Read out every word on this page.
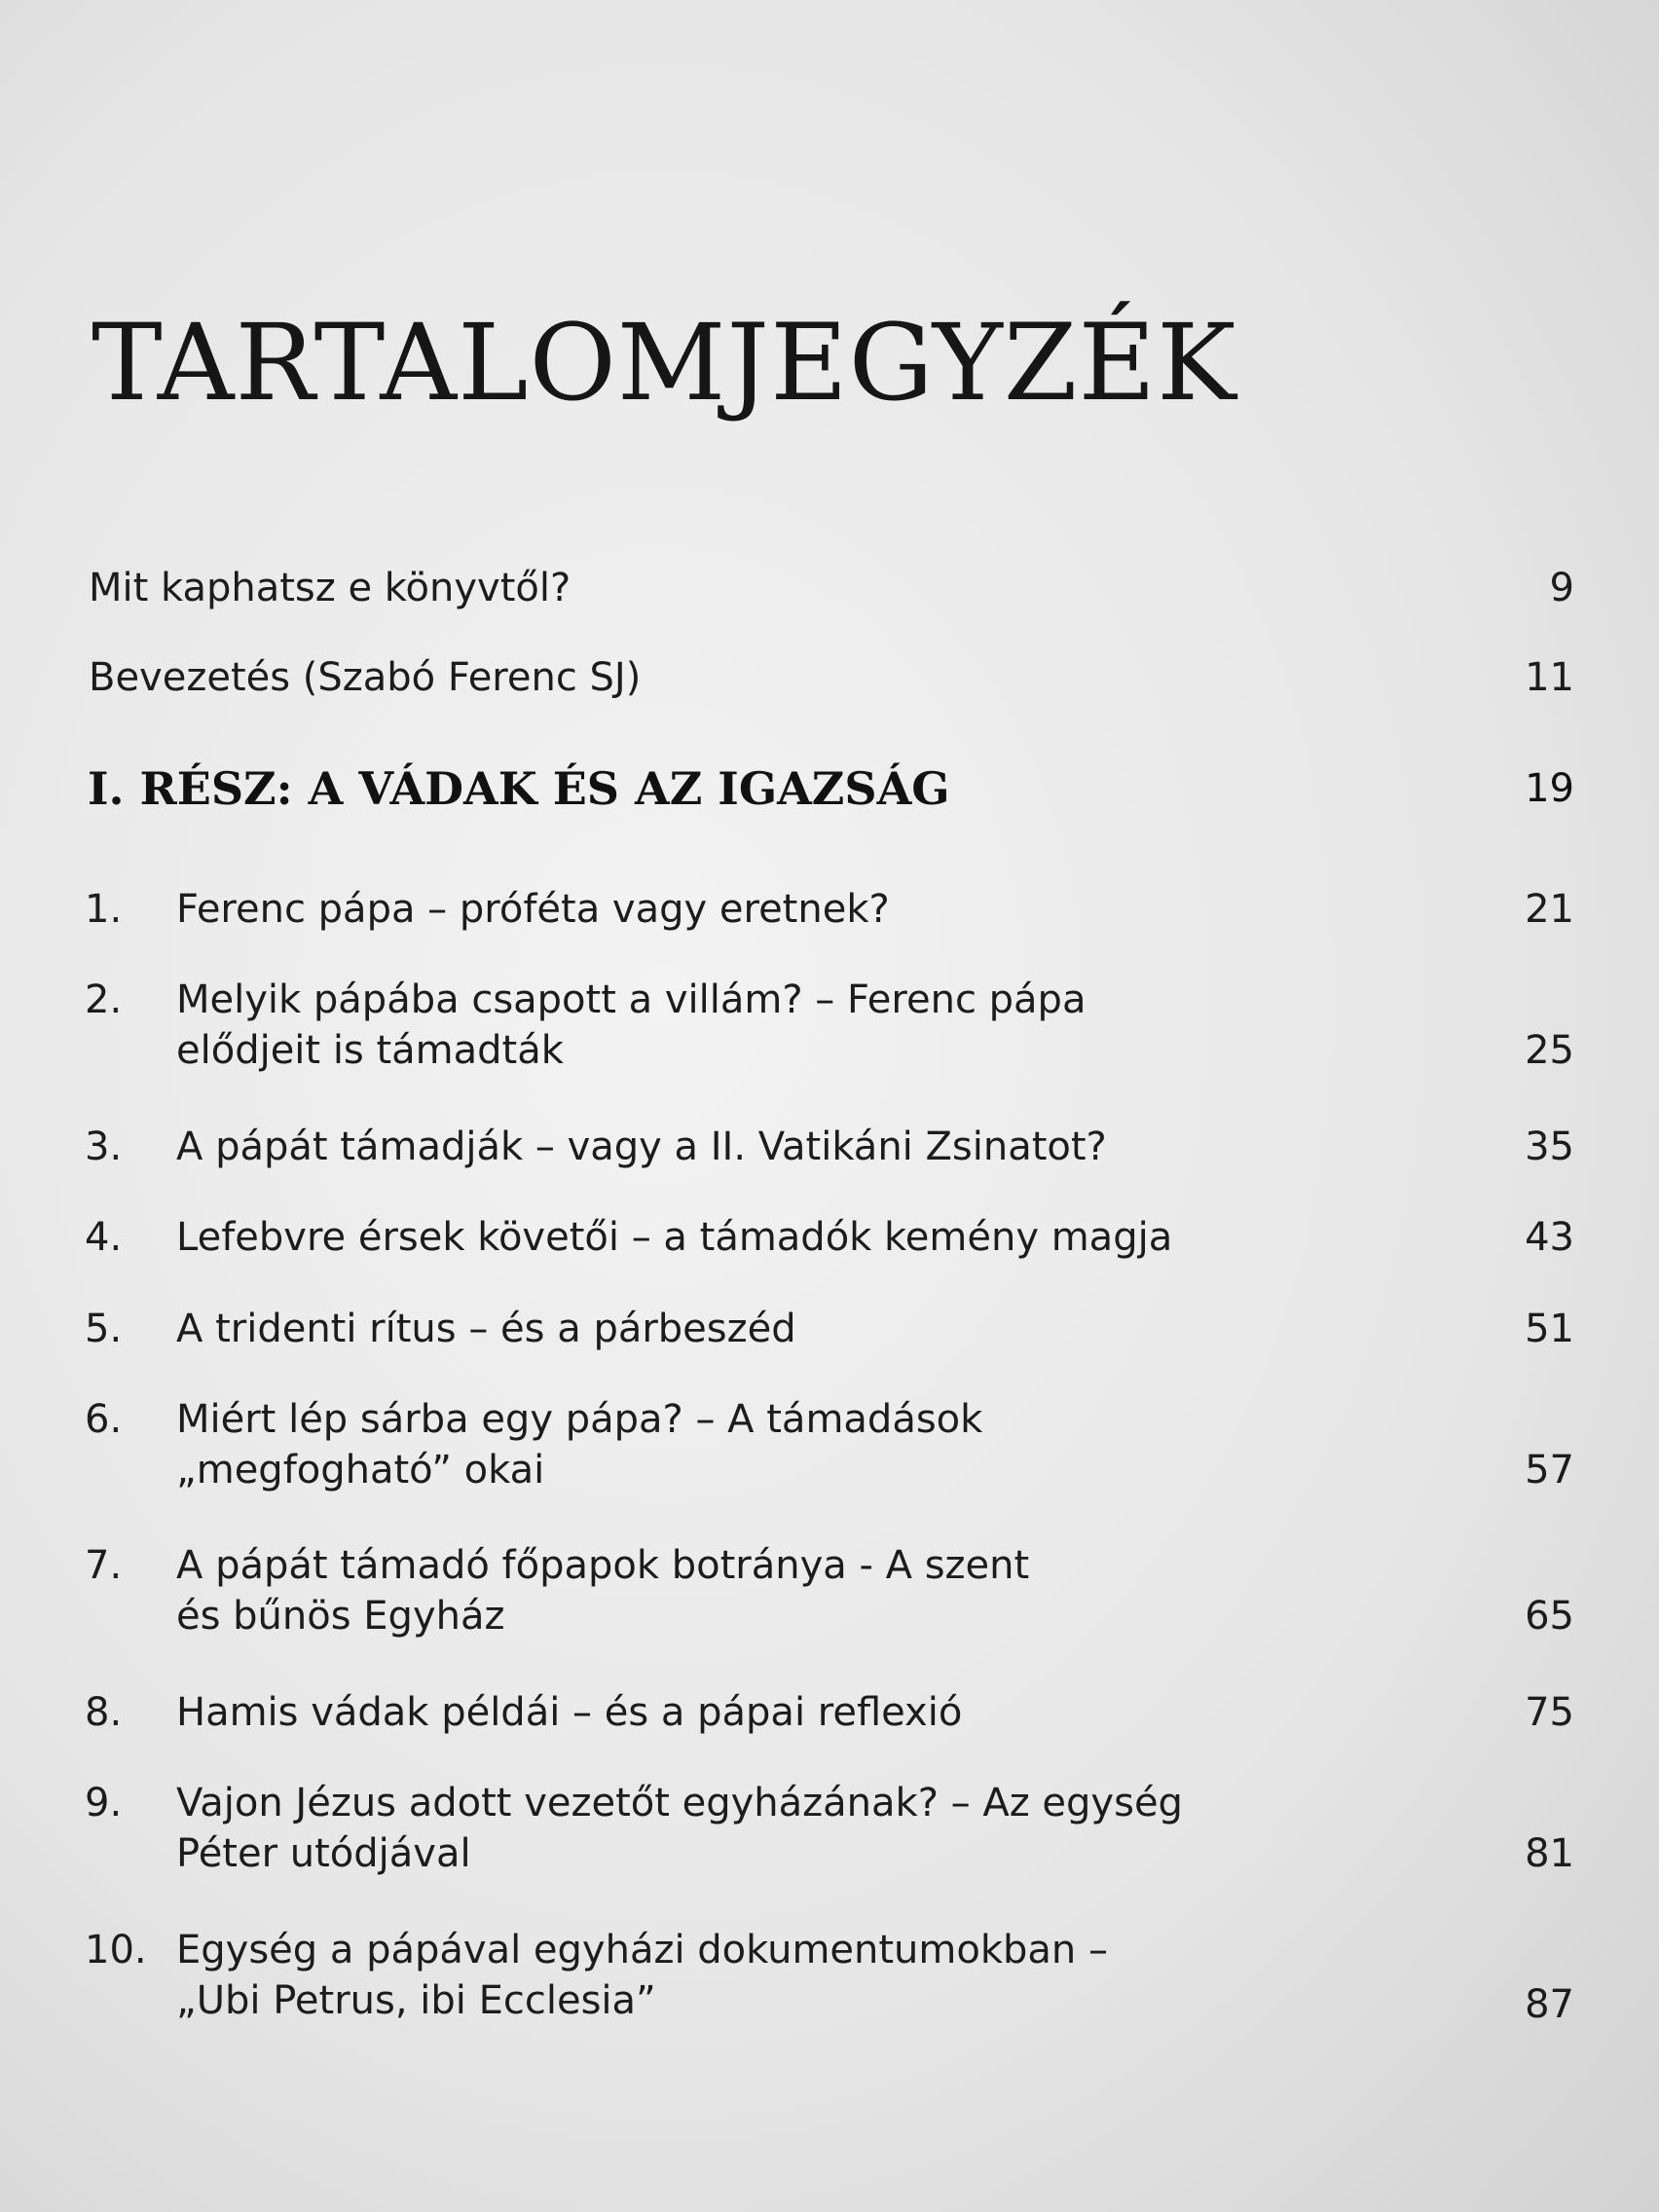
TARTALOMJEGYZÉK
Mit kaphatsz e könyvtől?	9
Bevezetés (Szabó Ferenc SJ)	11
I. RÉSZ: A VÁDAK ÉS AZ IGAZSÁG	19
1. Ferenc pápa – próféta vagy eretnek?	21
2. Melyik pápába csapott a villám? – Ferenc pápa
elődjeit is támadták	25
3. A pápát támadják – vagy a II. Vatikáni Zsinatot?	35
4. Lefebvre érsek követői – a támadók kemény magja	43
5. A tridenti rítus – és a párbeszéd	51
6. Miért lép sárba egy pápa? – A támadások
„megfogható” okai	57
7. A pápát támadó főpapok botránya - A szent
és bűnös Egyház	65
8. Hamis vádak példái – és a pápai reflexió	75
9. Vajon Jézus adott vezetőt egyházának? – Az egység
Péter utódjával	81
10. Egység a pápával egyházi dokumentumokban –
„Ubi Petrus, ibi Ecclesia”	87
